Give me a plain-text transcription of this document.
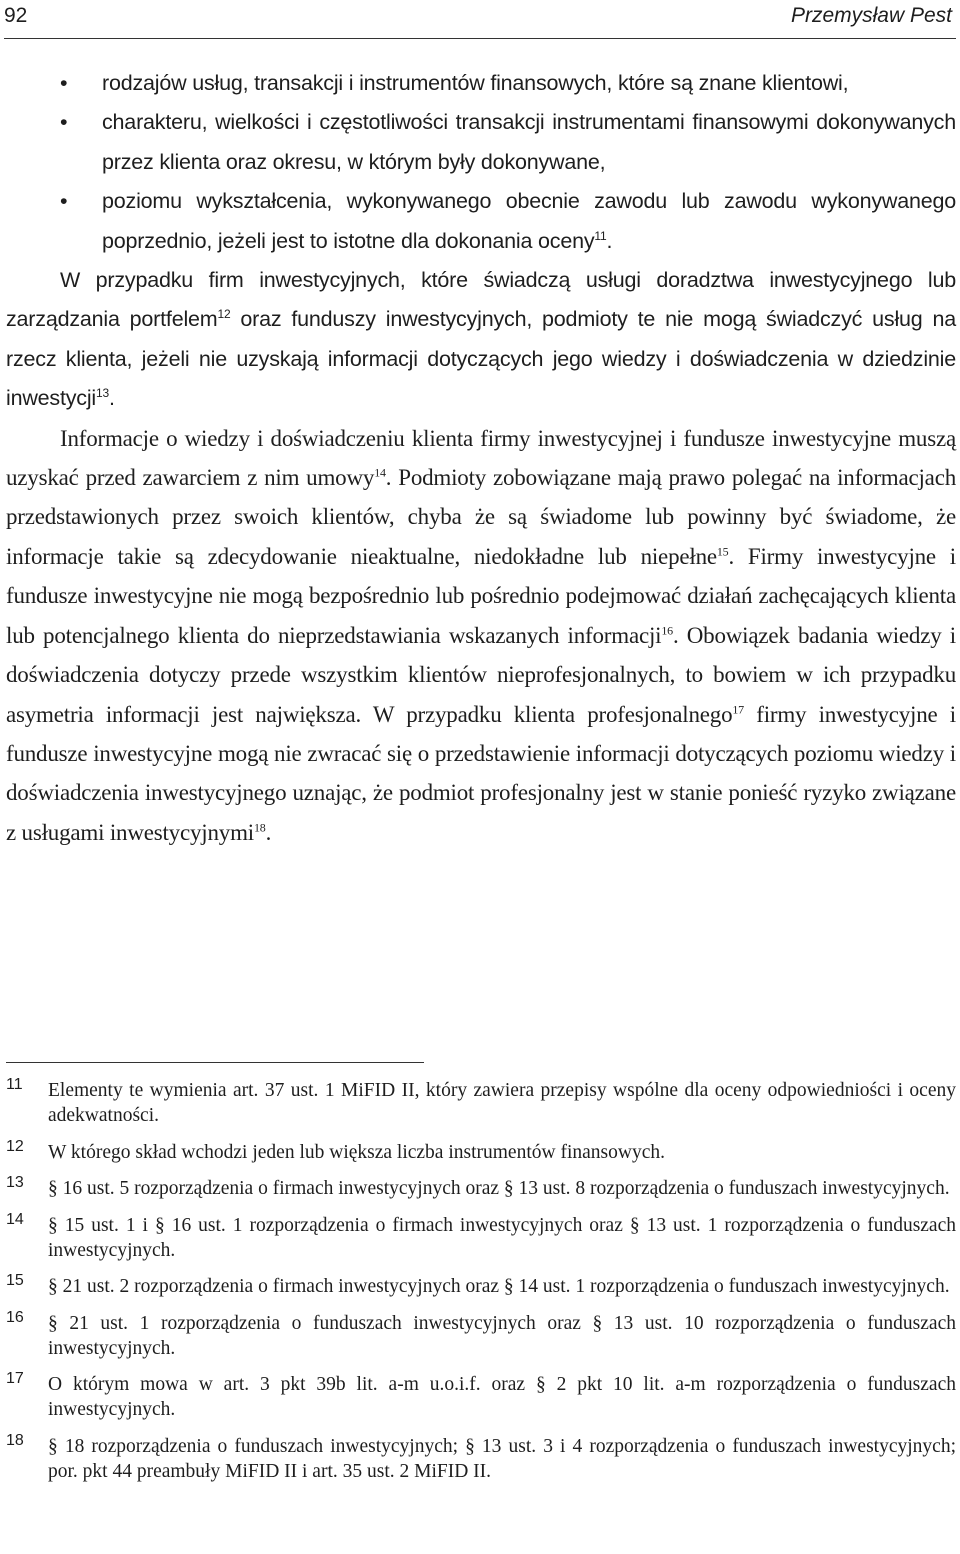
92	Przemysław Pest
• rodzajów usług, transakcji i instrumentów finansowych, które są znane klientowi,
• charakteru, wielkości i częstotliwości transakcji instrumentami finansowymi dokonywanych przez klienta oraz okresu, w którym były dokonywane,
• poziomu wykształcenia, wykonywanego obecnie zawodu lub zawodu wykonywanego poprzednio, jeżeli jest to istotne dla dokonania oceny$^{11}$.

W przypadku firm inwestycyjnych, które świadczą usługi doradztwa inwestycyjnego lub zarządzania portfelem$^{12}$ oraz funduszy inwestycyjnych, podmioty te nie mogą świadczyć usług na rzecz klienta, jeżeli nie uzyskają informacji dotyczących jego wiedzy i doświadczenia w dziedzinie inwestycji$^{13}$.

Informacje o wiedzy i doświadczeniu klienta firmy inwestycyjnej i fundusze inwestycyjne muszą uzyskać przed zawarciem z nim umowy$^{14}$. Podmioty zobowiązane mają prawo polegać na informacjach przedstawionych przez swoich klientów, chyba że są świadome lub powinny być świadome, że informacje takie są zdecydowanie nieaktualne, niedokładne lub niepełne$^{15}$. Firmy inwestycyjne i fundusze inwestycyjne nie mogą bezpośrednio lub pośrednio podejmować działań zachęcających klienta lub potencjalnego klienta do nieprzedstawiania wskazanych informacji$^{16}$. Obowiązek badania wiedzy i doświadczenia dotyczy przede wszystkim klientów nieprofesjonalnych, to bowiem w ich przypadku asymetria informacji jest największa. W przypadku klienta profesjonalnego$^{17}$ firmy inwestycyjne i fundusze inwestycyjne mogą nie zwracać się o przedstawienie informacji dotyczących poziomu wiedzy i doświadczenia inwestycyjnego uznając, że podmiot profesjonalny jest w stanie ponieść ryzyko związane z usługami inwestycyjnymi$^{18}$.

11 Elementy te wymienia art. 37 ust. 1 MiFID II, który zawiera przepisy wspólne dla oceny odpowiedniości i oceny adekwatności.
12 W którego skład wchodzi jeden lub większa liczba instrumentów finansowych.
13 § 16 ust. 5 rozporządzenia o firmach inwestycyjnych oraz § 13 ust. 8 rozporządzenia o funduszach inwestycyjnych.
14 § 15 ust. 1 i § 16 ust. 1 rozporządzenia o firmach inwestycyjnych oraz § 13 ust. 1 rozporządzenia o funduszach inwestycyjnych.
15 § 21 ust. 2 rozporządzenia o firmach inwestycyjnych oraz § 14 ust. 1 rozporządzenia o funduszach inwestycyjnych.
16 § 21 ust. 1 rozporządzenia o funduszach inwestycyjnych oraz § 13 ust. 10 rozporządzenia o funduszach inwestycyjnych.
17 O którym mowa w art. 3 pkt 39b lit. a-m u.o.i.f. oraz § 2 pkt 10 lit. a-m rozporządzenia o funduszach inwestycyjnych.
18 § 18 rozporządzenia o funduszach inwestycyjnych; § 13 ust. 3 i 4 rozporządzenia o funduszach inwestycyjnych; por. pkt 44 preambuły MiFID II i art. 35 ust. 2 MiFID II.
